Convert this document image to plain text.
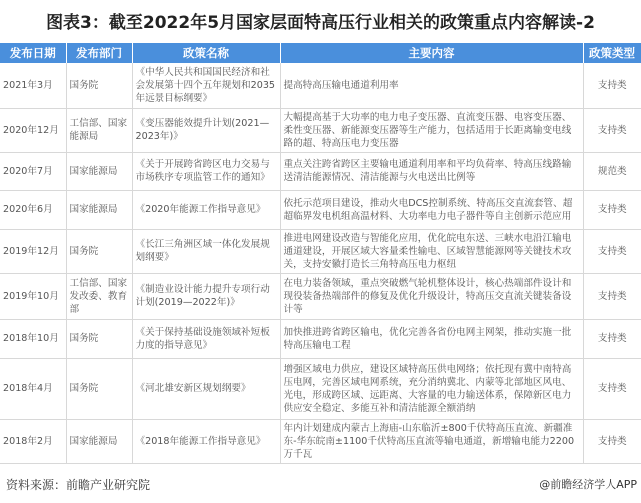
图表3：截至2022年5月国家层面特高压行业相关的政策重点内容解读-2
发布日期	发布部门	政策名称	主要内容	政策类型
2021年3月	国务院	《中华人民共和国国民经济和社会发展第十四个五年规划和2035年远景目标纲要》	提高特高压输电通道利用率	支持类
2020年12月	工信部、国家能源局	《变压器能效提升计划(2021—2023年)》	大幅提高基于大功率的电力电子变压器、直流变压器、电容变压器、柔性变压器、新能源变压器等生产能力，包括适用于长距离输变电线路的超、特高压电力变压器	支持类
2020年7月	国家能源局	《关于开展跨省跨区电力交易与市场秩序专项监管工作的通知》	重点关注跨省跨区主要输电通道利用率和平均负荷率、特高压线路输送清洁能源情况、清洁能源与火电送出比例等	规范类
2020年6月	国家能源局	《2020年能源工作指导意见》	依托示范项目建设，推动火电DCS控制系统、特高压交直流套管、超超临界发电机组高温材料、大功率电力电子器件等自主创新示范应用	支持类
2019年12月	国务院	《长江三角洲区域一体化发展规划纲要》	推进电网建设改造与智能化应用，优化皖电东送、三峡水电沿江输电通道建设，开展区域大容量柔性输电、区域智慧能源网等关键技术攻关，支持安徽打造长三角特高压电力枢纽	支持类
2019年10月	工信部、国家发改委、教育部	《制造业设计能力提升专项行动计划(2019—2022年)》	在电力装备领域，重点突破燃气轮机整体设计，核心热端部件设计和现役装备热端部件的修复及优化升级设计，特高压交直流关键装备设计等	支持类
2018年10月	国务院	《关于保持基础设施领域补短板力度的指导意见》	加快推进跨省跨区输电，优化完善各省份电网主网架，推动实施一批特高压输电工程	支持类
2018年4月	国务院	《河北雄安新区规划纲要》	增强区域电力供应，建设区域特高压供电网络；依托现有冀中南特高压电网，完善区域电网系统，充分消纳冀北、内蒙等北部地区风电、光电，形成跨区域、远距离、大容量的电力输送体系，保障新区电力供应安全稳定、多能互补和清洁能源全额消纳	支持类
2018年2月	国家能源局	《2018年能源工作指导意见》	年内计划建成内蒙古上海庙-山东临沂±800千伏特高压直流、新疆准东-华东皖南±1100千伏特高压直流等输电通道，新增输电能力2200万千瓦	支持类
资料来源：前瞻产业研究院	@前瞻经济学人APP
